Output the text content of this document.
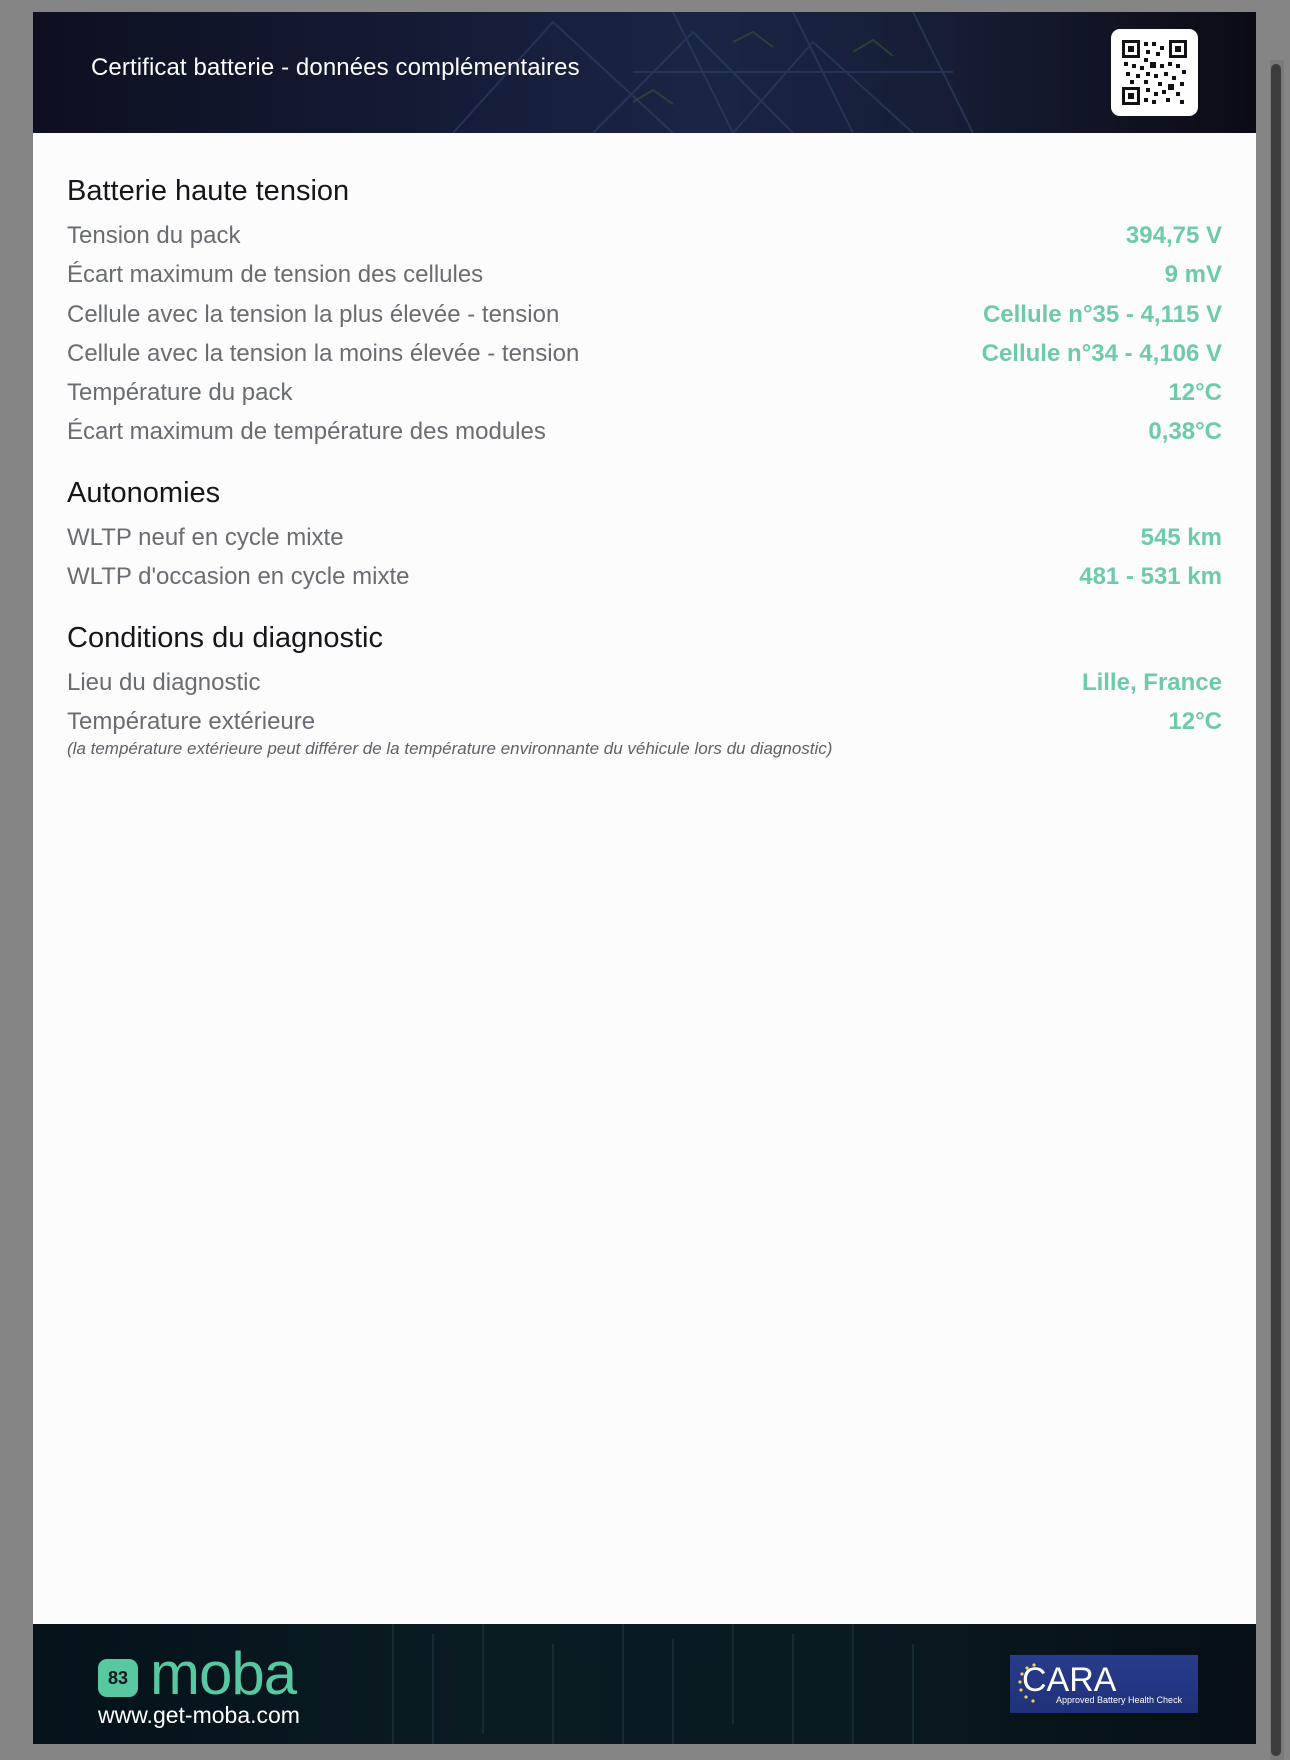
Certificat batterie - données complémentaires
Batterie haute tension
Tension du pack	394,75 V
Écart maximum de tension des cellules	9 mV
Cellule avec la tension la plus élevée - tension	Cellule n°35 - 4,115 V
Cellule avec la tension la moins élevée - tension	Cellule n°34 - 4,106 V
Température du pack	12°C
Écart maximum de température des modules	0,38°C
Autonomies
WLTP neuf en cycle mixte	545 km
WLTP d'occasion en cycle mixte	481 - 531 km
Conditions du diagnostic
Lieu du diagnostic	Lille, France
Température extérieure	12°C
(la température extérieure peut différer de la température environnante du véhicule lors du diagnostic)
83 moba
www.get-moba.com
CARA
Approved Battery Health Check
